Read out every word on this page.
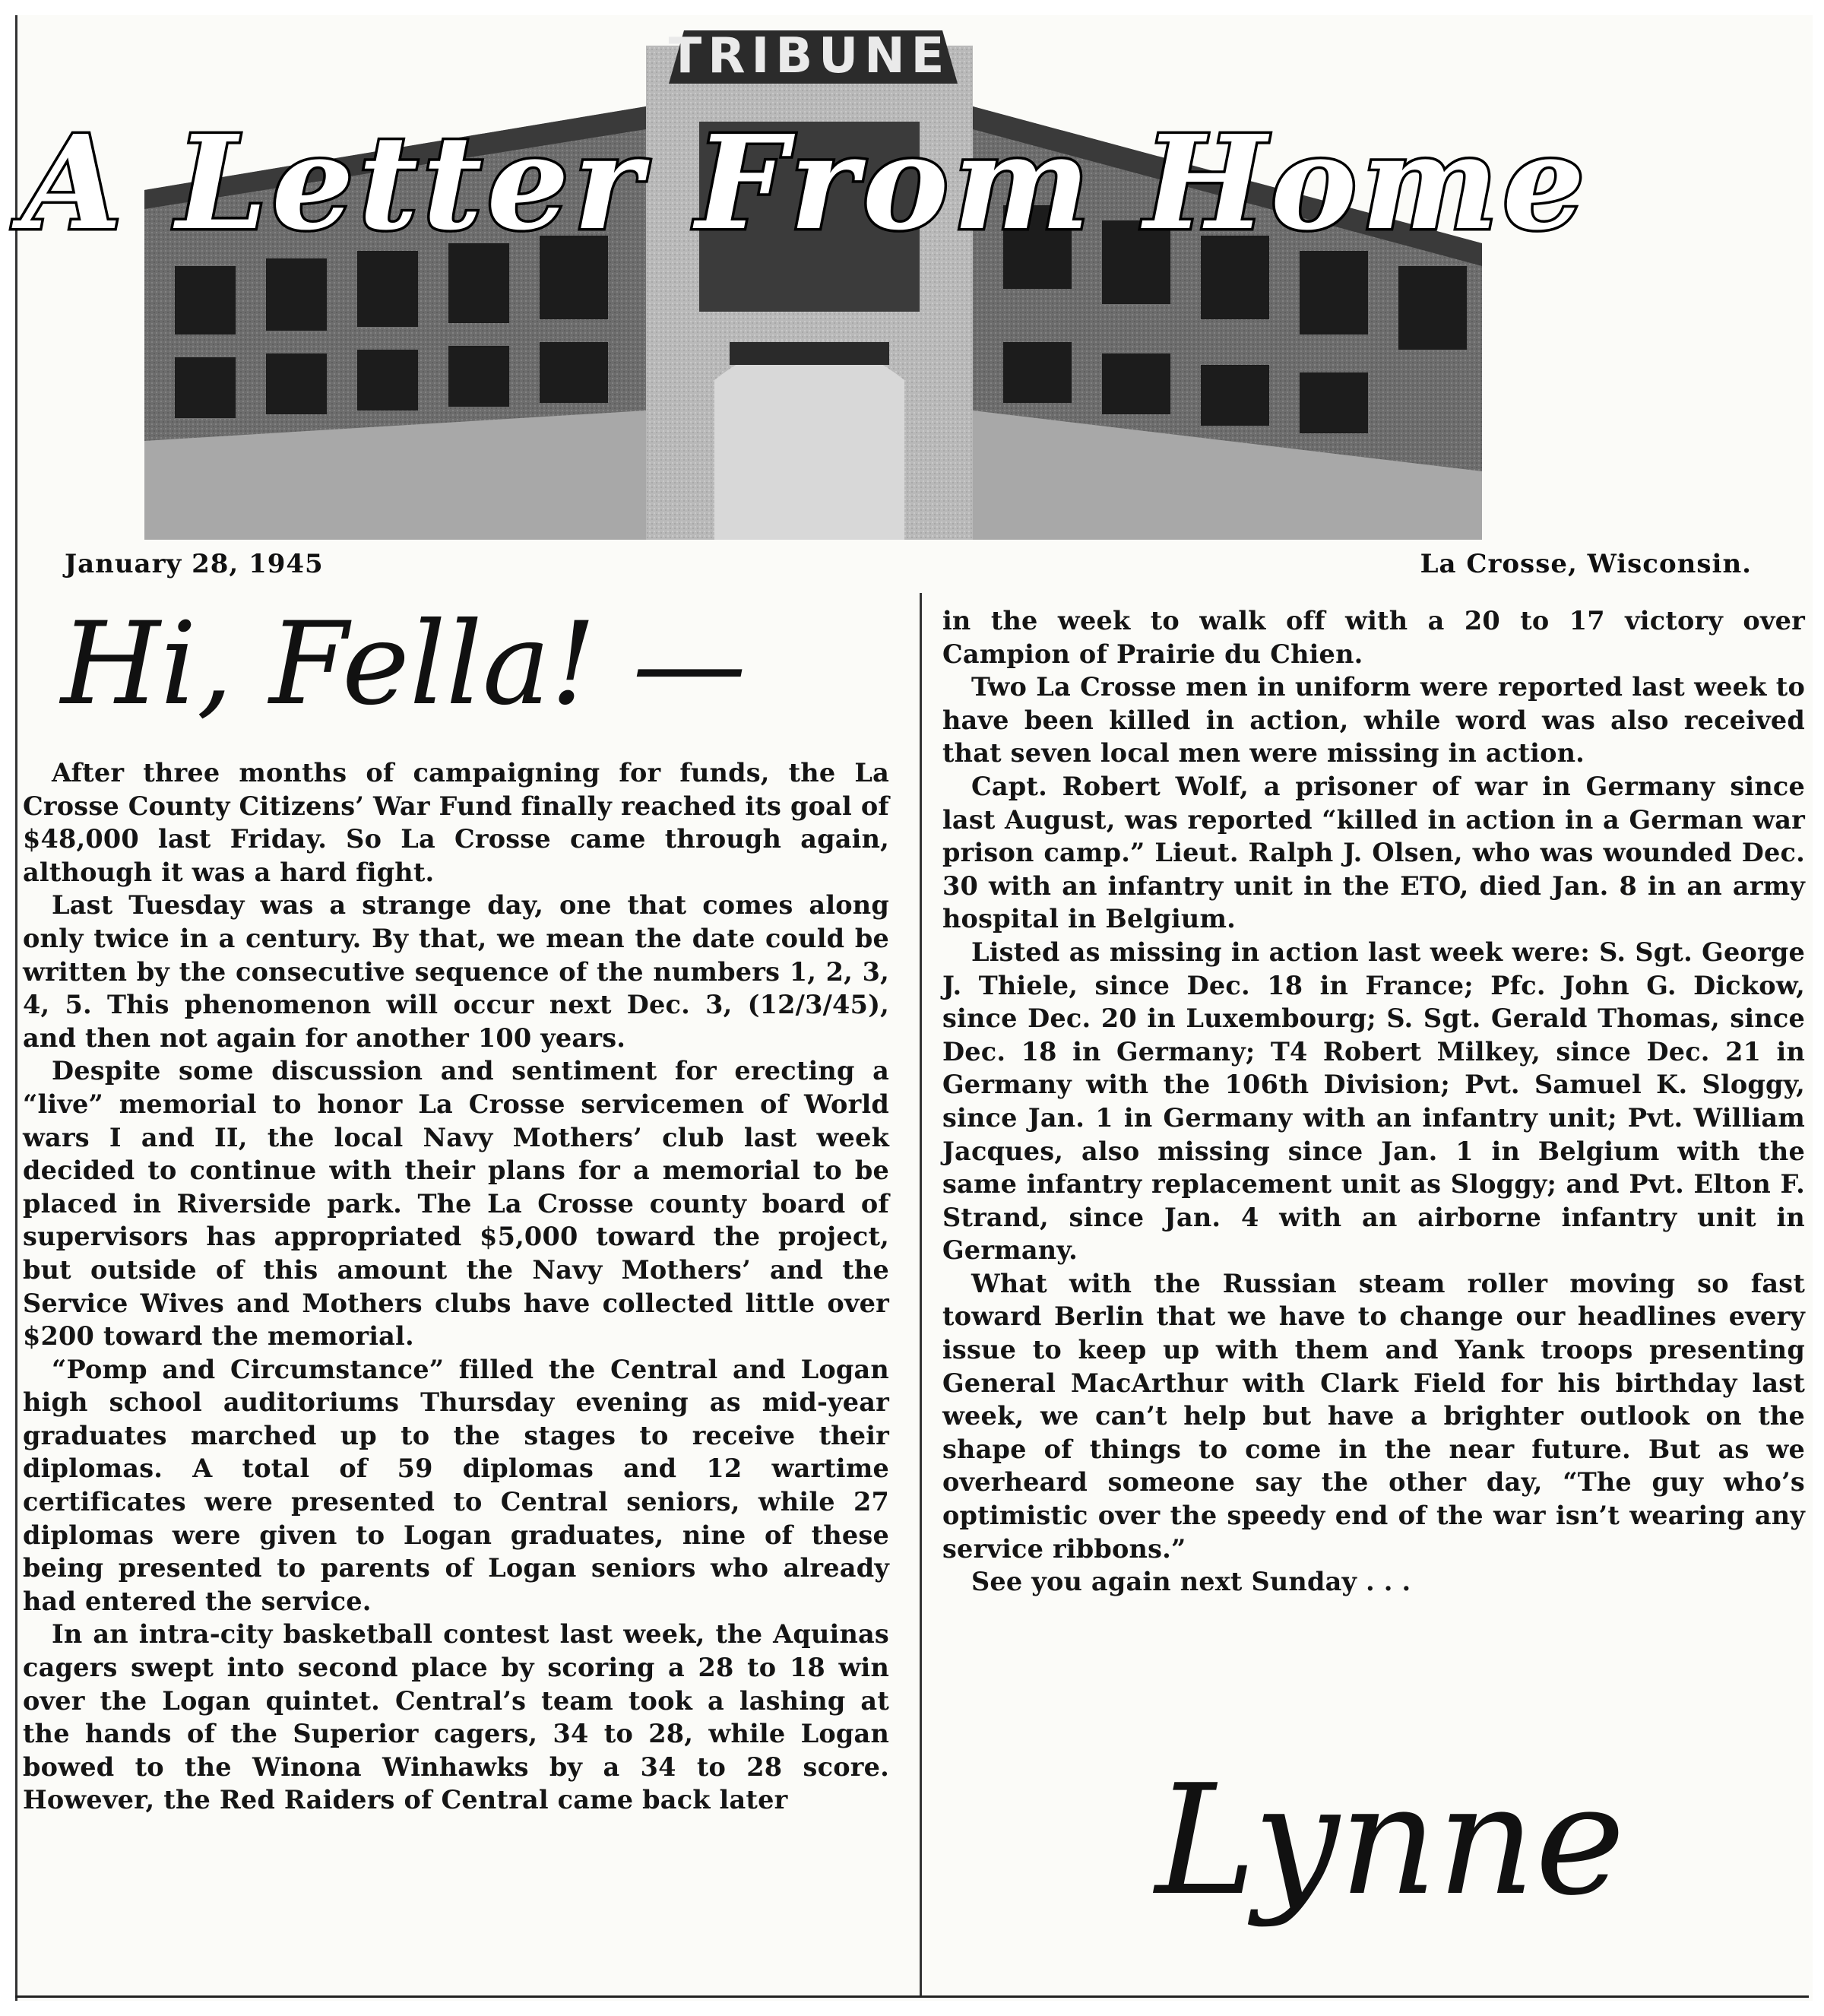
TRIBUNE
A Letter From Home
January 28, 1945	La Crosse, Wisconsin.
Hi, Fella! —

After three months of campaigning for funds, the La Crosse County Citizens’ War Fund finally reached its goal of $48,000 last Friday. So La Crosse came through again, although it was a hard fight.

Last Tuesday was a strange day, one that comes along only twice in a century. By that, we mean the date could be written by the consecutive sequence of the numbers 1, 2, 3, 4, 5. This phenomenon will occur next Dec. 3, (12/3/45), and then not again for another 100 years.

Despite some discussion and sentiment for erecting a “live” memorial to honor La Crosse servicemen of World wars I and II, the local Navy Mothers’ club last week decided to continue with their plans for a memorial to be placed in Riverside park. The La Crosse county board of supervisors has appropriated $5,000 toward the project, but outside of this amount the Navy Mothers’ and the Service Wives and Mothers clubs have collected little over $200 toward the memorial.

“Pomp and Circumstance” filled the Central and Logan high school auditoriums Thursday evening as mid-year graduates marched up to the stages to receive their diplomas. A total of 59 diplomas and 12 wartime certificates were presented to Central seniors, while 27 diplomas were given to Logan graduates, nine of these being presented to parents of Logan seniors who already had entered the service.

In an intra-city basketball contest last week, the Aquinas cagers swept into second place by scoring a 28 to 18 win over the Logan quintet. Central’s team took a lashing at the hands of the Superior cagers, 34 to 28, while Logan bowed to the Winona Winhawks by a 34 to 28 score. However, the Red Raiders of Central came back later

in the week to walk off with a 20 to 17 victory over Campion of Prairie du Chien.

Two La Crosse men in uniform were reported last week to have been killed in action, while word was also received that seven local men were missing in action.

Capt. Robert Wolf, a prisoner of war in Germany since last August, was reported “killed in action in a German war prison camp.” Lieut. Ralph J. Olsen, who was wounded Dec. 30 with an infantry unit in the ETO, died Jan. 8 in an army hospital in Belgium.

Listed as missing in action last week were: S. Sgt. George J. Thiele, since Dec. 18 in France; Pfc. John G. Dickow, since Dec. 20 in Luxembourg; S. Sgt. Gerald Thomas, since Dec. 18 in Germany; T4 Robert Milkey, since Dec. 21 in Germany with the 106th Division; Pvt. Samuel K. Sloggy, since Jan. 1 in Germany with an infantry unit; Pvt. William Jacques, also missing since Jan. 1 in Belgium with the same infantry replacement unit as Sloggy; and Pvt. Elton F. Strand, since Jan. 4 with an airborne infantry unit in Germany.

What with the Russian steam roller moving so fast toward Berlin that we have to change our headlines every issue to keep up with them and Yank troops presenting General MacArthur with Clark Field for his birthday last week, we can’t help but have a brighter outlook on the shape of things to come in the near future. But as we overheard someone say the other day, “The guy who’s optimistic over the speedy end of the war isn’t wearing any service ribbons.”

See you again next Sunday . . .

Lynne
